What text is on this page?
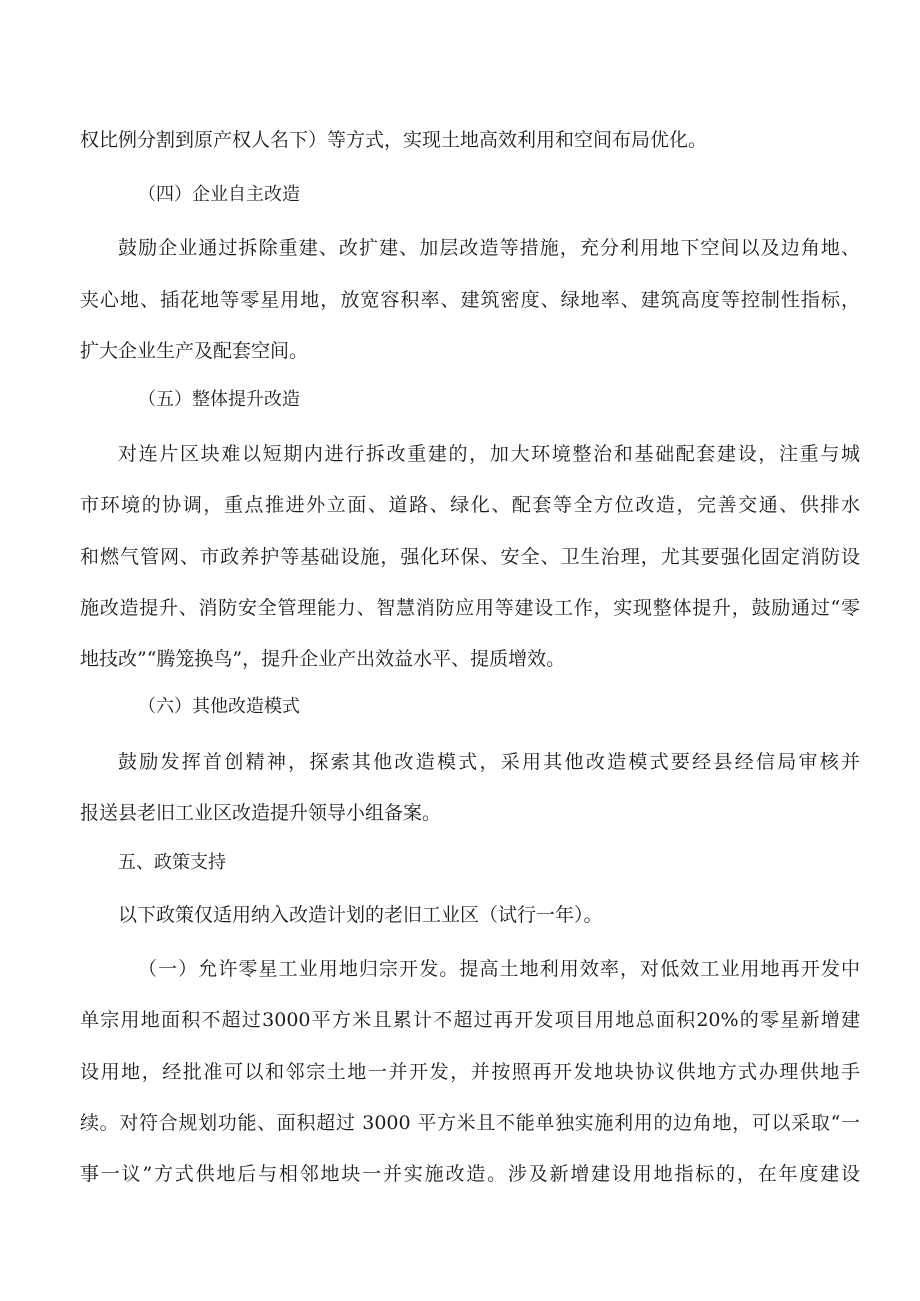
权比例分割到原产权人名下）等方式，实现土地高效利用和空间布局优化。
（四）企业自主改造
鼓励企业通过拆除重建、改扩建、加层改造等措施，充分利用地下空间以及边角地、
夹心地、插花地等零星用地，放宽容积率、建筑密度、绿地率、建筑高度等控制性指标，
扩大企业生产及配套空间。
（五）整体提升改造
对连片区块难以短期内进行拆改重建的，加大环境整治和基础配套建设，注重与城
市环境的协调，重点推进外立面、道路、绿化、配套等全方位改造，完善交通、供排水
和燃气管网、市政养护等基础设施，强化环保、安全、卫生治理，尤其要强化固定消防设
施改造提升、消防安全管理能力、智慧消防应用等建设工作，实现整体提升，鼓励通过“零
地技改”“腾笼换鸟”，提升企业产出效益水平、提质增效。
（六）其他改造模式
鼓励发挥首创精神，探索其他改造模式，采用其他改造模式要经县经信局审核并
报送县老旧工业区改造提升领导小组备案。
五、政策支持
以下政策仅适用纳入改造计划的老旧工业区（试行一年）。
（一）允许零星工业用地归宗开发。提高土地利用效率，对低效工业用地再开发中
单宗用地面积不超过3000平方米且累计不超过再开发项目用地总面积20%的零星新增建
设用地，经批准可以和邻宗土地一并开发，并按照再开发地块协议供地方式办理供地手
续。对符合规划功能、面积超过 3000 平方米且不能单独实施利用的边角地，可以采取“一
事一议”方式供地后与相邻地块一并实施改造。涉及新增建设用地指标的，在年度建设
